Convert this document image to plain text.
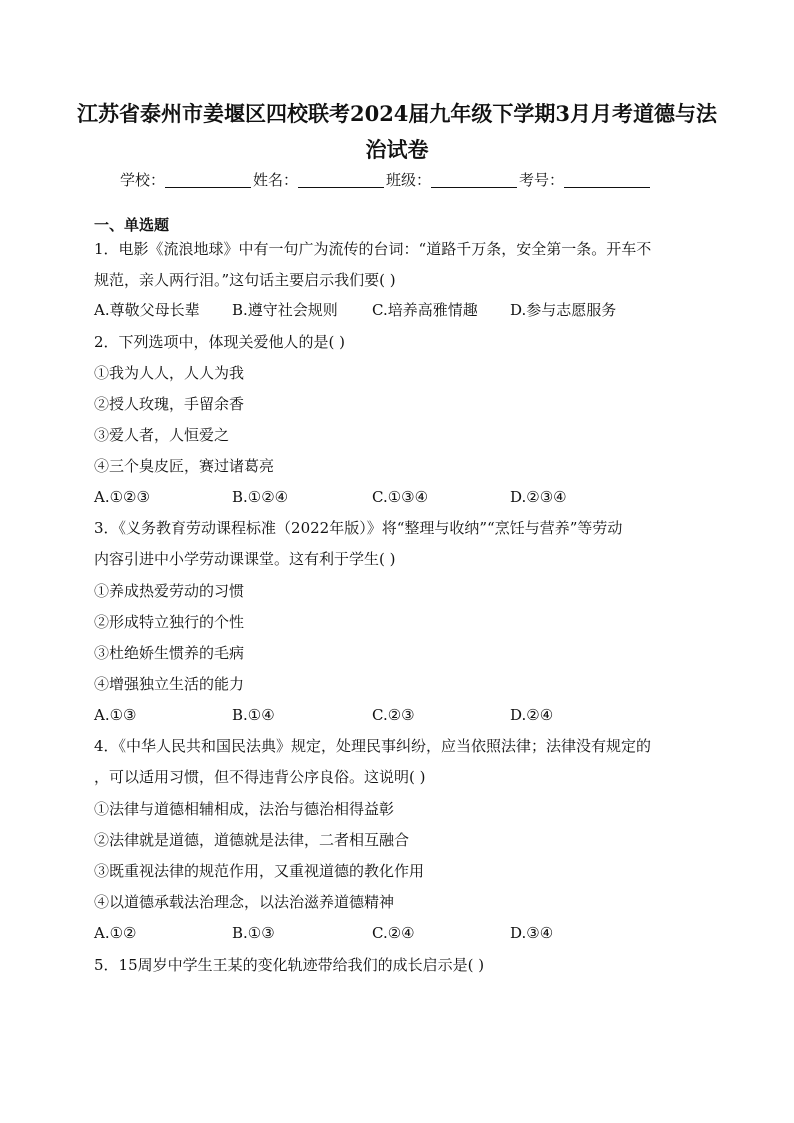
江苏省泰州市姜堰区四校联考2024届九年级下学期3月月考道德与法
治试卷
学校：	姓名：	班级：	考号：
一、单选题
1．电影《流浪地球》中有一句广为流传的台词：“道路千万条，安全第一条。开车不
规范，亲人两行泪。”这句话主要启示我们要( )
A.尊敬父母长辈 B.遵守社会规则 C.培养高雅情趣 D.参与志愿服务
2．下列选项中，体现关爱他人的是( )
①我为人人，人人为我
②授人玫瑰，手留余香
③爱人者，人恒爱之
④三个臭皮匠，赛过诸葛亮
A.①②③	B.①②④	C.①③④	D.②③④
3．《义务教育劳动课程标准（2022年版）》将“整理与收纳”“烹饪与营养”等劳动
内容引进中小学劳动课课堂。这有利于学生( )
①养成热爱劳动的习惯
②形成特立独行的个性
③杜绝娇生惯养的毛病
④增强独立生活的能力
A.①③	B.①④	C.②③	D.②④
4．《中华人民共和国民法典》规定，处理民事纠纷，应当依照法律；法律没有规定的
，可以适用习惯，但不得违背公序良俗。这说明( )
①法律与道德相辅相成，法治与德治相得益彰
②法律就是道德，道德就是法律，二者相互融合
③既重视法律的规范作用，又重视道德的教化作用
④以道德承载法治理念，以法治滋养道德精神
A.①②	B.①③	C.②④	D.③④
5．15周岁中学生王某的变化轨迹带给我们的成长启示是( )
